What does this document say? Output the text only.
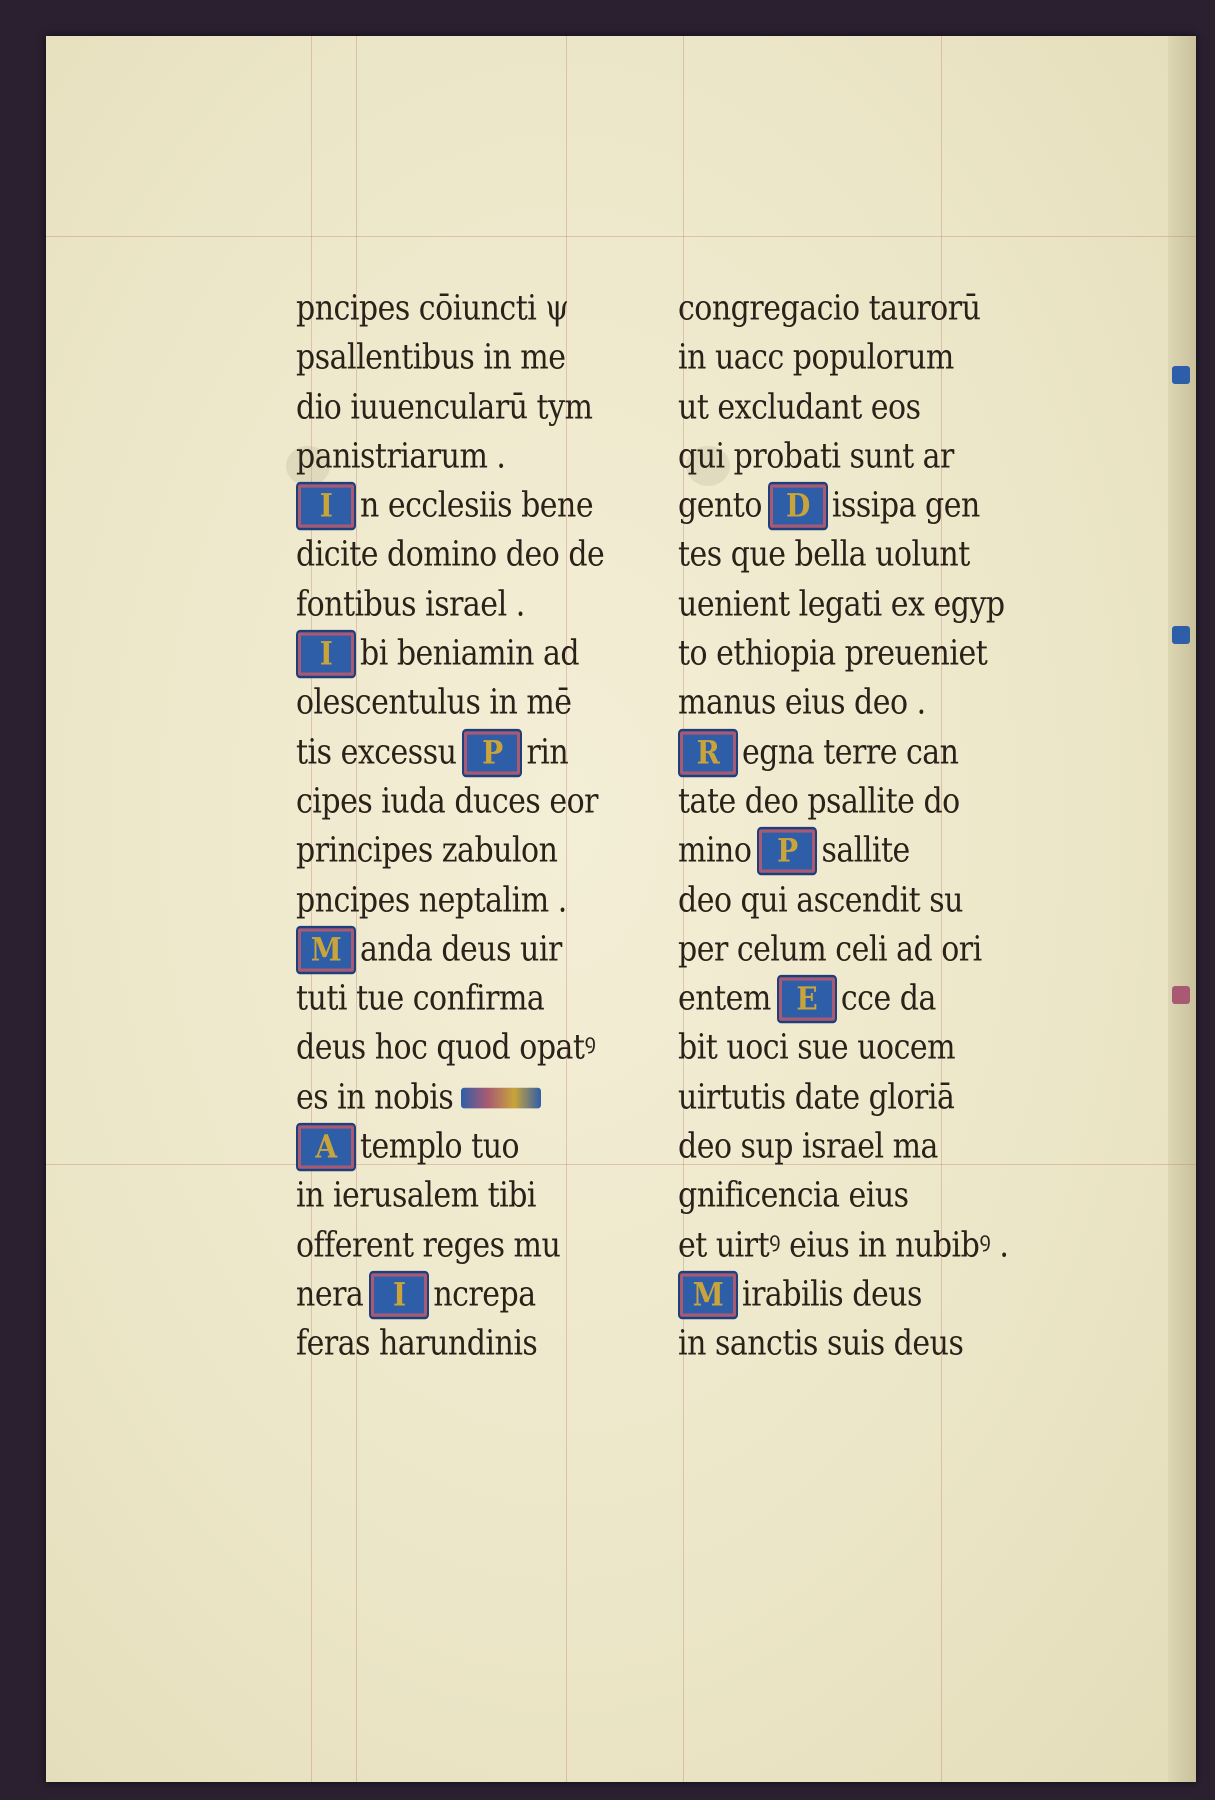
pncipes cōiuncti ψ
psallentibus in me
dio iuuencularū tym
panistriarum .
I n ecclesiis bene
dicite domino deo de
fontibus israel .
I bi beniamin ad
olescentulus in mē
tis excessu P rin
cipes iuda duces eor
principes zabulon
pncipes neptalim .
M anda deus uir
tuti tue confirma
deus hoc quod opatꝰ
es in nobis
A templo tuo
in ierusalem tibi
offerent reges mu
nera	I ncrepa
feras harundinis
congregacio taurorū
in uacc populorum
ut excludant eos
qui probati sunt ar
gento D issipa gen
tes que bella uolunt
uenient legati ex egyp
to ethiopia preueniet
manus eius deo .
R egna terre can
tate deo psallite do
mino P sallite
deo qui ascendit su
per celum celi ad ori
entem E cce da
bit uoci sue uocem
uirtutis date gloriā
deo sup israel ma
gnificencia eius
et uirtꝰ eius in nubibꝰ .
M irabilis deus
in sanctis suis deus
